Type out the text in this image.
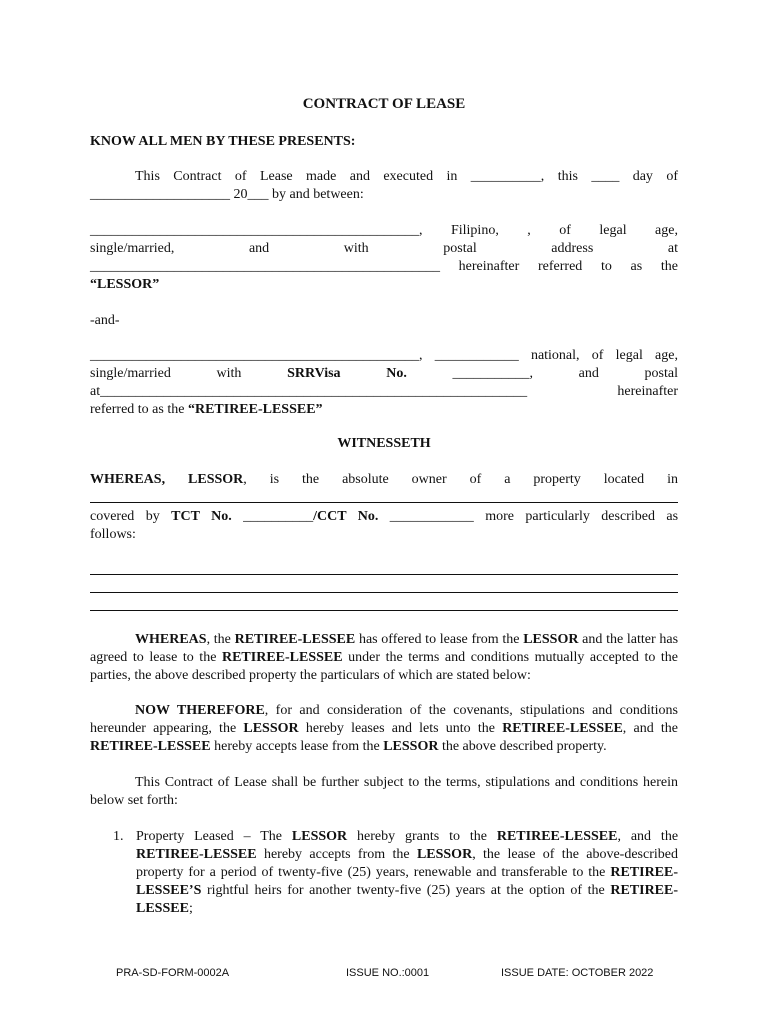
CONTRACT OF LEASE
KNOW ALL MEN BY THESE PRESENTS:
This Contract of Lease made and executed in __________, this ____ day of
____________________ 20___ by and between:
_______________________________________________, Filipino, , of legal age,
single/married, and with postal address at
__________________________________________________ hereinafter referred to as the
“LESSOR”
-and-
_______________________________________________, ____________ national, of legal age,
single/married with	SRRVisa No.	___________, and postal
at_____________________________________________________________ hereinafter
referred to as the “RETIREE-LESSEE”
WITNESSETH
WHEREAS, LESSOR, is the absolute owner of a property located in
covered by TCT No. __________/CCT No. ____________ more particularly described as
follows:
WHEREAS, the RETIREE-LESSEE has offered to lease from the LESSOR and the latter has agreed to lease to the RETIREE-LESSEE under the terms and conditions mutually accepted to the parties, the above described property the particulars of which are stated below:
NOW THEREFORE, for and consideration of the covenants, stipulations and conditions hereunder appearing, the LESSOR hereby leases and lets unto the RETIREE-LESSEE, and the RETIREE-LESSEE hereby accepts lease from the LESSOR the above described property.
This Contract of Lease shall be further subject to the terms, stipulations and conditions herein below set forth:
1. Property Leased – The LESSOR hereby grants to the RETIREE-LESSEE, and the RETIREE-LESSEE hereby accepts from the LESSOR, the lease of the above-described property for a period of twenty-five (25) years, renewable and transferable to the RETIREE-LESSEE’S rightful heirs for another twenty-five (25) years at the option of the RETIREE-LESSEE;
PRA-SD-FORM-0002A	ISSUE NO.:0001	ISSUE DATE: OCTOBER 2022
